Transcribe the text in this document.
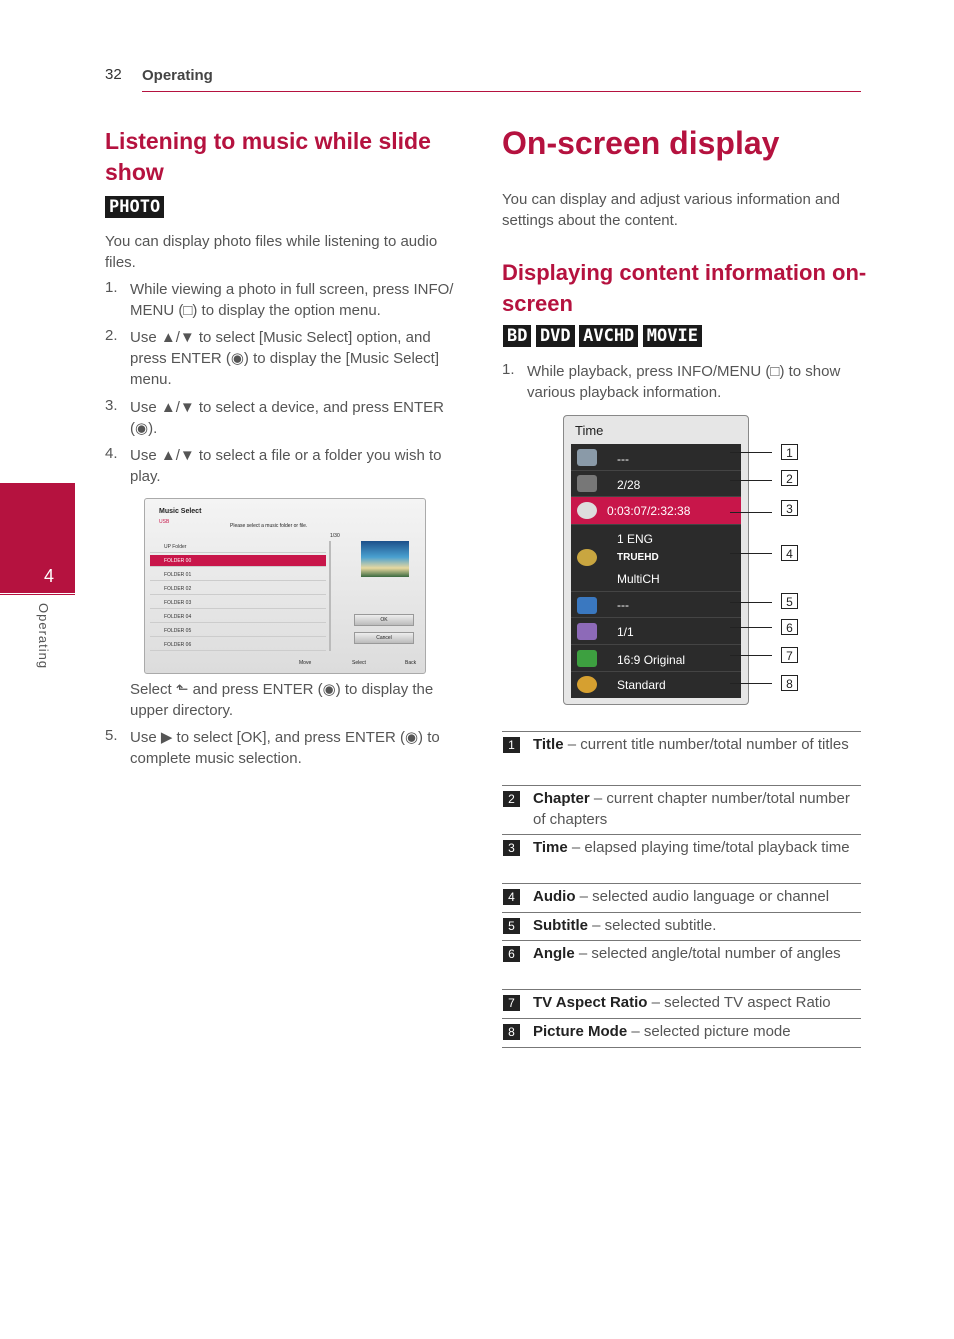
32 Operating
4
Operating
Listening to music while slide show
PHOTO
You can display photo files while listening to audio files.
1. While viewing a photo in full screen, press INFO/ MENU (□) to display the option menu.
2. Use ▲/▼ to select [Music Select] option, and press ENTER (◉) to display the [Music Select] menu.
3. Use ▲/▼ to select a device, and press ENTER (◉).
4. Use ▲/▼ to select a file or a folder you wish to play.
Music Select
USB
Please select a music folder or file.
1/30
UP Folder
FOLDER 00
FOLDER 01
FOLDER 02
FOLDER 03
FOLDER 04
FOLDER 05
FOLDER 06
OK
Cancel
Move	Select	Back
Select ⬑ and press ENTER (◉) to display the upper directory.
5. Use ▶ to select [OK], and press ENTER (◉) to complete music selection.
On-screen display
You can display and adjust various information and settings about the content.
Displaying content information on-screen
BD DVD AVCHD MOVIE
1. While playback, press INFO/MENU (□) to show various playback information.
Time
---
2/28
0:03:07/2:32:38
1 ENG
TRUEHD
MultiCH
---
1/1
16:9 Original
Standard
1
2
3
4
5
6
7
8
1	Title – current title number/total number of titles
2	Chapter – current chapter number/total number of chapters
3	Time – elapsed playing time/total playback time
4	Audio – selected audio language or channel
5	Subtitle – selected subtitle.
6	Angle – selected angle/total number of angles
7	TV Aspect Ratio – selected TV aspect Ratio
8	Picture Mode – selected picture mode
